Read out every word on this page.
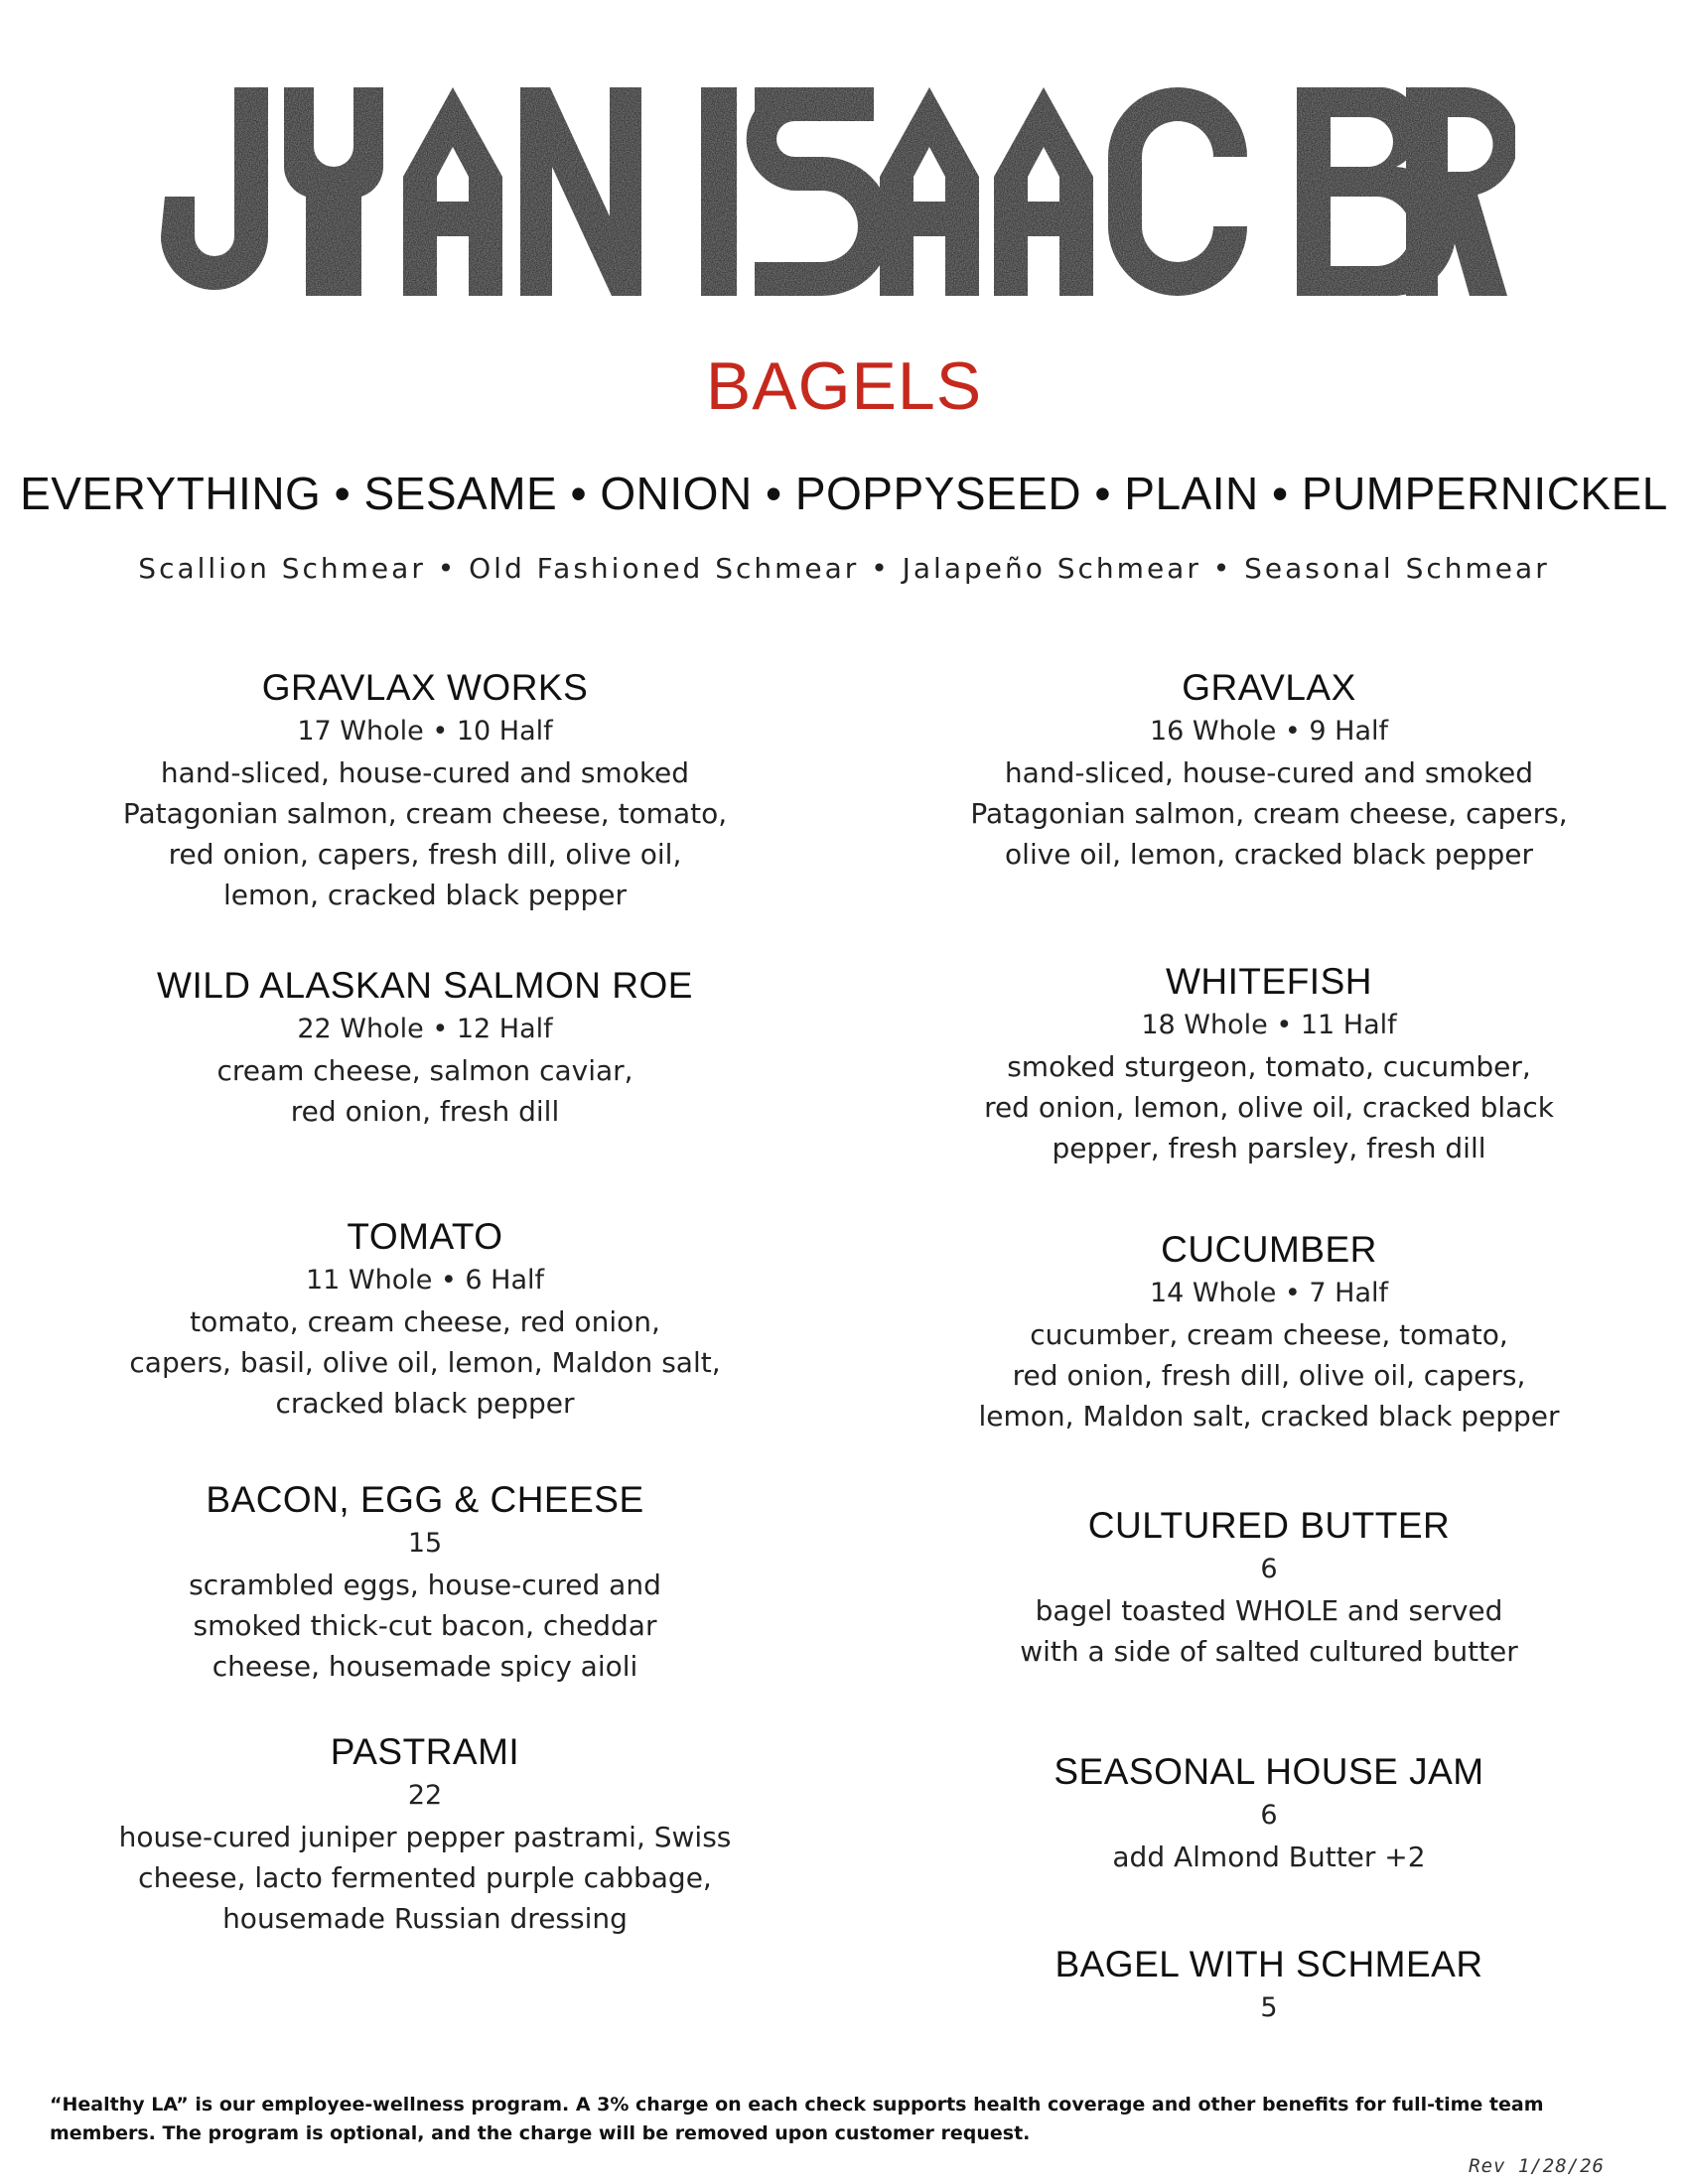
BAGELS
EVERYTHING • SESAME • ONION • POPPYSEED • PLAIN • PUMPERNICKEL
Scallion Schmear • Old Fashioned Schmear • Jalapeño Schmear • Seasonal Schmear
GRAVLAX WORKS
17 Whole • 10 Half
hand-sliced, house-cured and smoked
Patagonian salmon, cream cheese, tomato,
red onion, capers, fresh dill, olive oil,
lemon, cracked black pepper
WILD ALASKAN SALMON ROE
22 Whole • 12 Half
cream cheese, salmon caviar,
red onion, fresh dill
TOMATO
11 Whole • 6 Half
tomato, cream cheese, red onion,
capers, basil, olive oil, lemon, Maldon salt,
cracked black pepper
BACON, EGG & CHEESE
15
scrambled eggs, house-cured and
smoked thick-cut bacon, cheddar
cheese, housemade spicy aioli
PASTRAMI
22
house-cured juniper pepper pastrami, Swiss
cheese, lacto fermented purple cabbage,
housemade Russian dressing
GRAVLAX
16 Whole • 9 Half
hand-sliced, house-cured and smoked
Patagonian salmon, cream cheese, capers,
olive oil, lemon, cracked black pepper
WHITEFISH
18 Whole • 11 Half
smoked sturgeon, tomato, cucumber,
red onion, lemon, olive oil, cracked black
pepper, fresh parsley, fresh dill
CUCUMBER
14 Whole • 7 Half
cucumber, cream cheese, tomato,
red onion, fresh dill, olive oil, capers,
lemon, Maldon salt, cracked black pepper
CULTURED BUTTER
6
bagel toasted WHOLE and served
with a side of salted cultured butter
SEASONAL HOUSE JAM
6
add Almond Butter +2
BAGEL WITH SCHMEAR
5
“Healthy LA” is our employee-wellness program. A 3% charge on each check supports health coverage and other benefits for full-time team members. The program is optional, and the charge will be removed upon customer request.
Rev 1/28/26
